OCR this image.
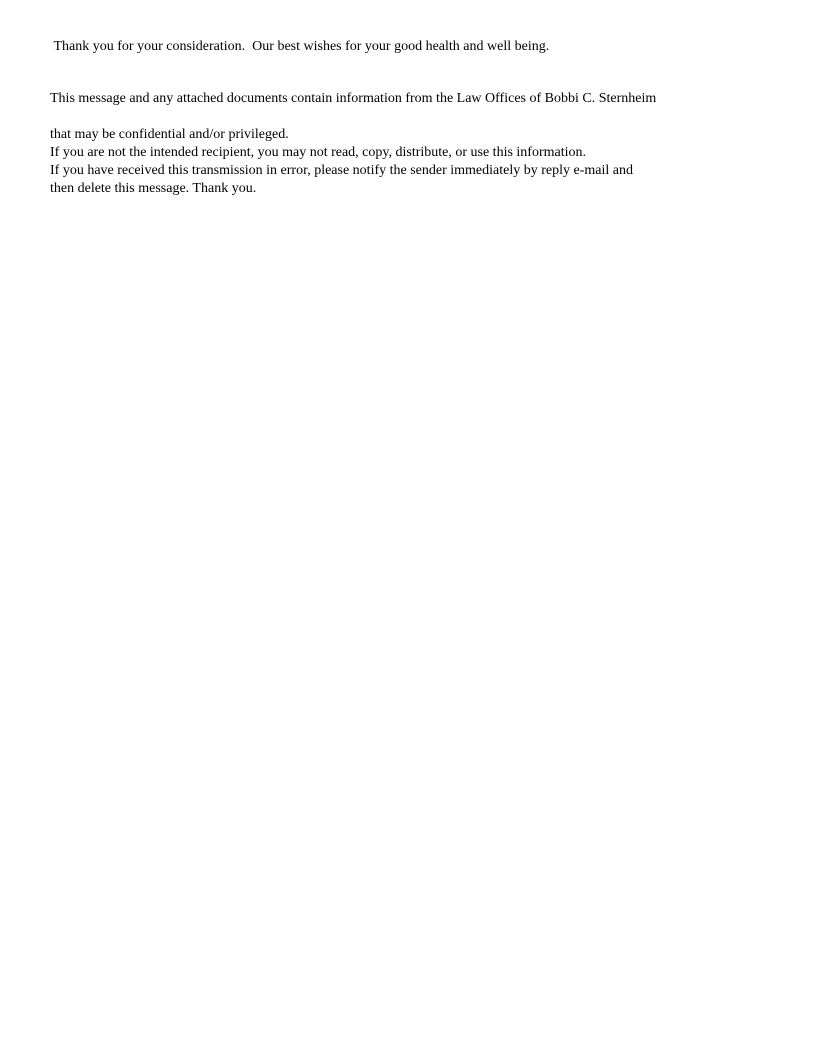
Thank you for your consideration.  Our best wishes for your good health and well being.
This message and any attached documents contain information from the Law Offices of Bobbi C. Sternheim
that may be confidential and/or privileged.
If you are not the intended recipient, you may not read, copy, distribute, or use this information.
If you have received this transmission in error, please notify the sender immediately by reply e-mail and
then delete this message. Thank you.
